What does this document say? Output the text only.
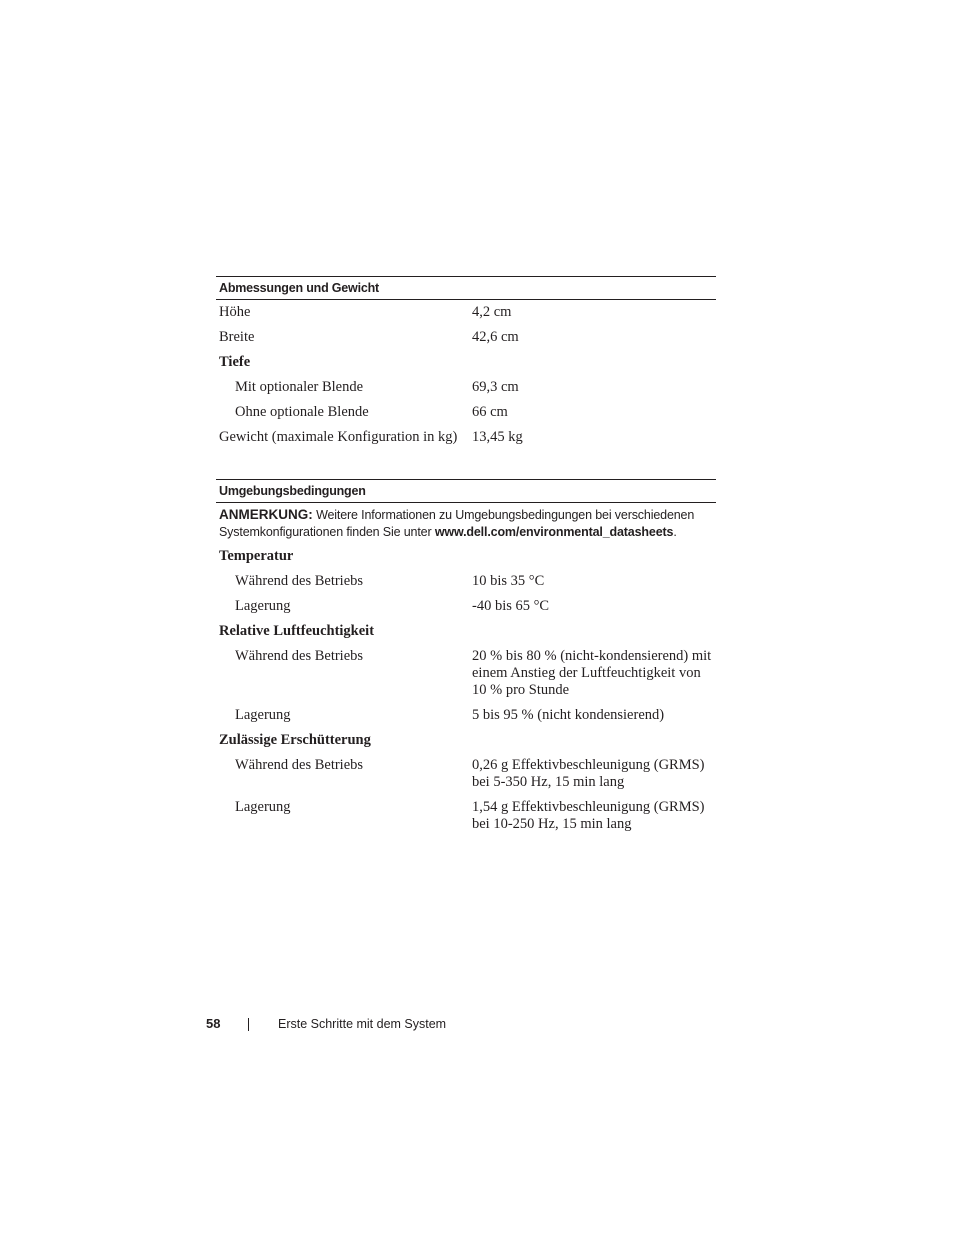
Abmessungen und Gewicht
Höhe	4,2 cm
Breite	42,6 cm
Tiefe
Mit optionaler Blende	69,3 cm
Ohne optionale Blende	66 cm
Gewicht (maximale Konfiguration in kg) 13,45 kg
Umgebungsbedingungen
ANMERKUNG: Weitere Informationen zu Umgebungsbedingungen bei verschiedenen Systemkonfigurationen finden Sie unter www.dell.com/environmental_datasheets.
Temperatur
Während des Betriebs	10 bis 35 °C
Lagerung	-40 bis 65 °C
Relative Luftfeuchtigkeit
Während des Betriebs	20 % bis 80 % (nicht-kondensierend) mit einem Anstieg der Luftfeuchtigkeit von 10 % pro Stunde
Lagerung	5 bis 95 % (nicht kondensierend)
Zulässige Erschütterung
Während des Betriebs	0,26 g Effektivbeschleunigung (GRMS) bei 5-350 Hz, 15 min lang
Lagerung	1,54 g Effektivbeschleunigung (GRMS) bei 10-250 Hz, 15 min lang
58	Erste Schritte mit dem System
